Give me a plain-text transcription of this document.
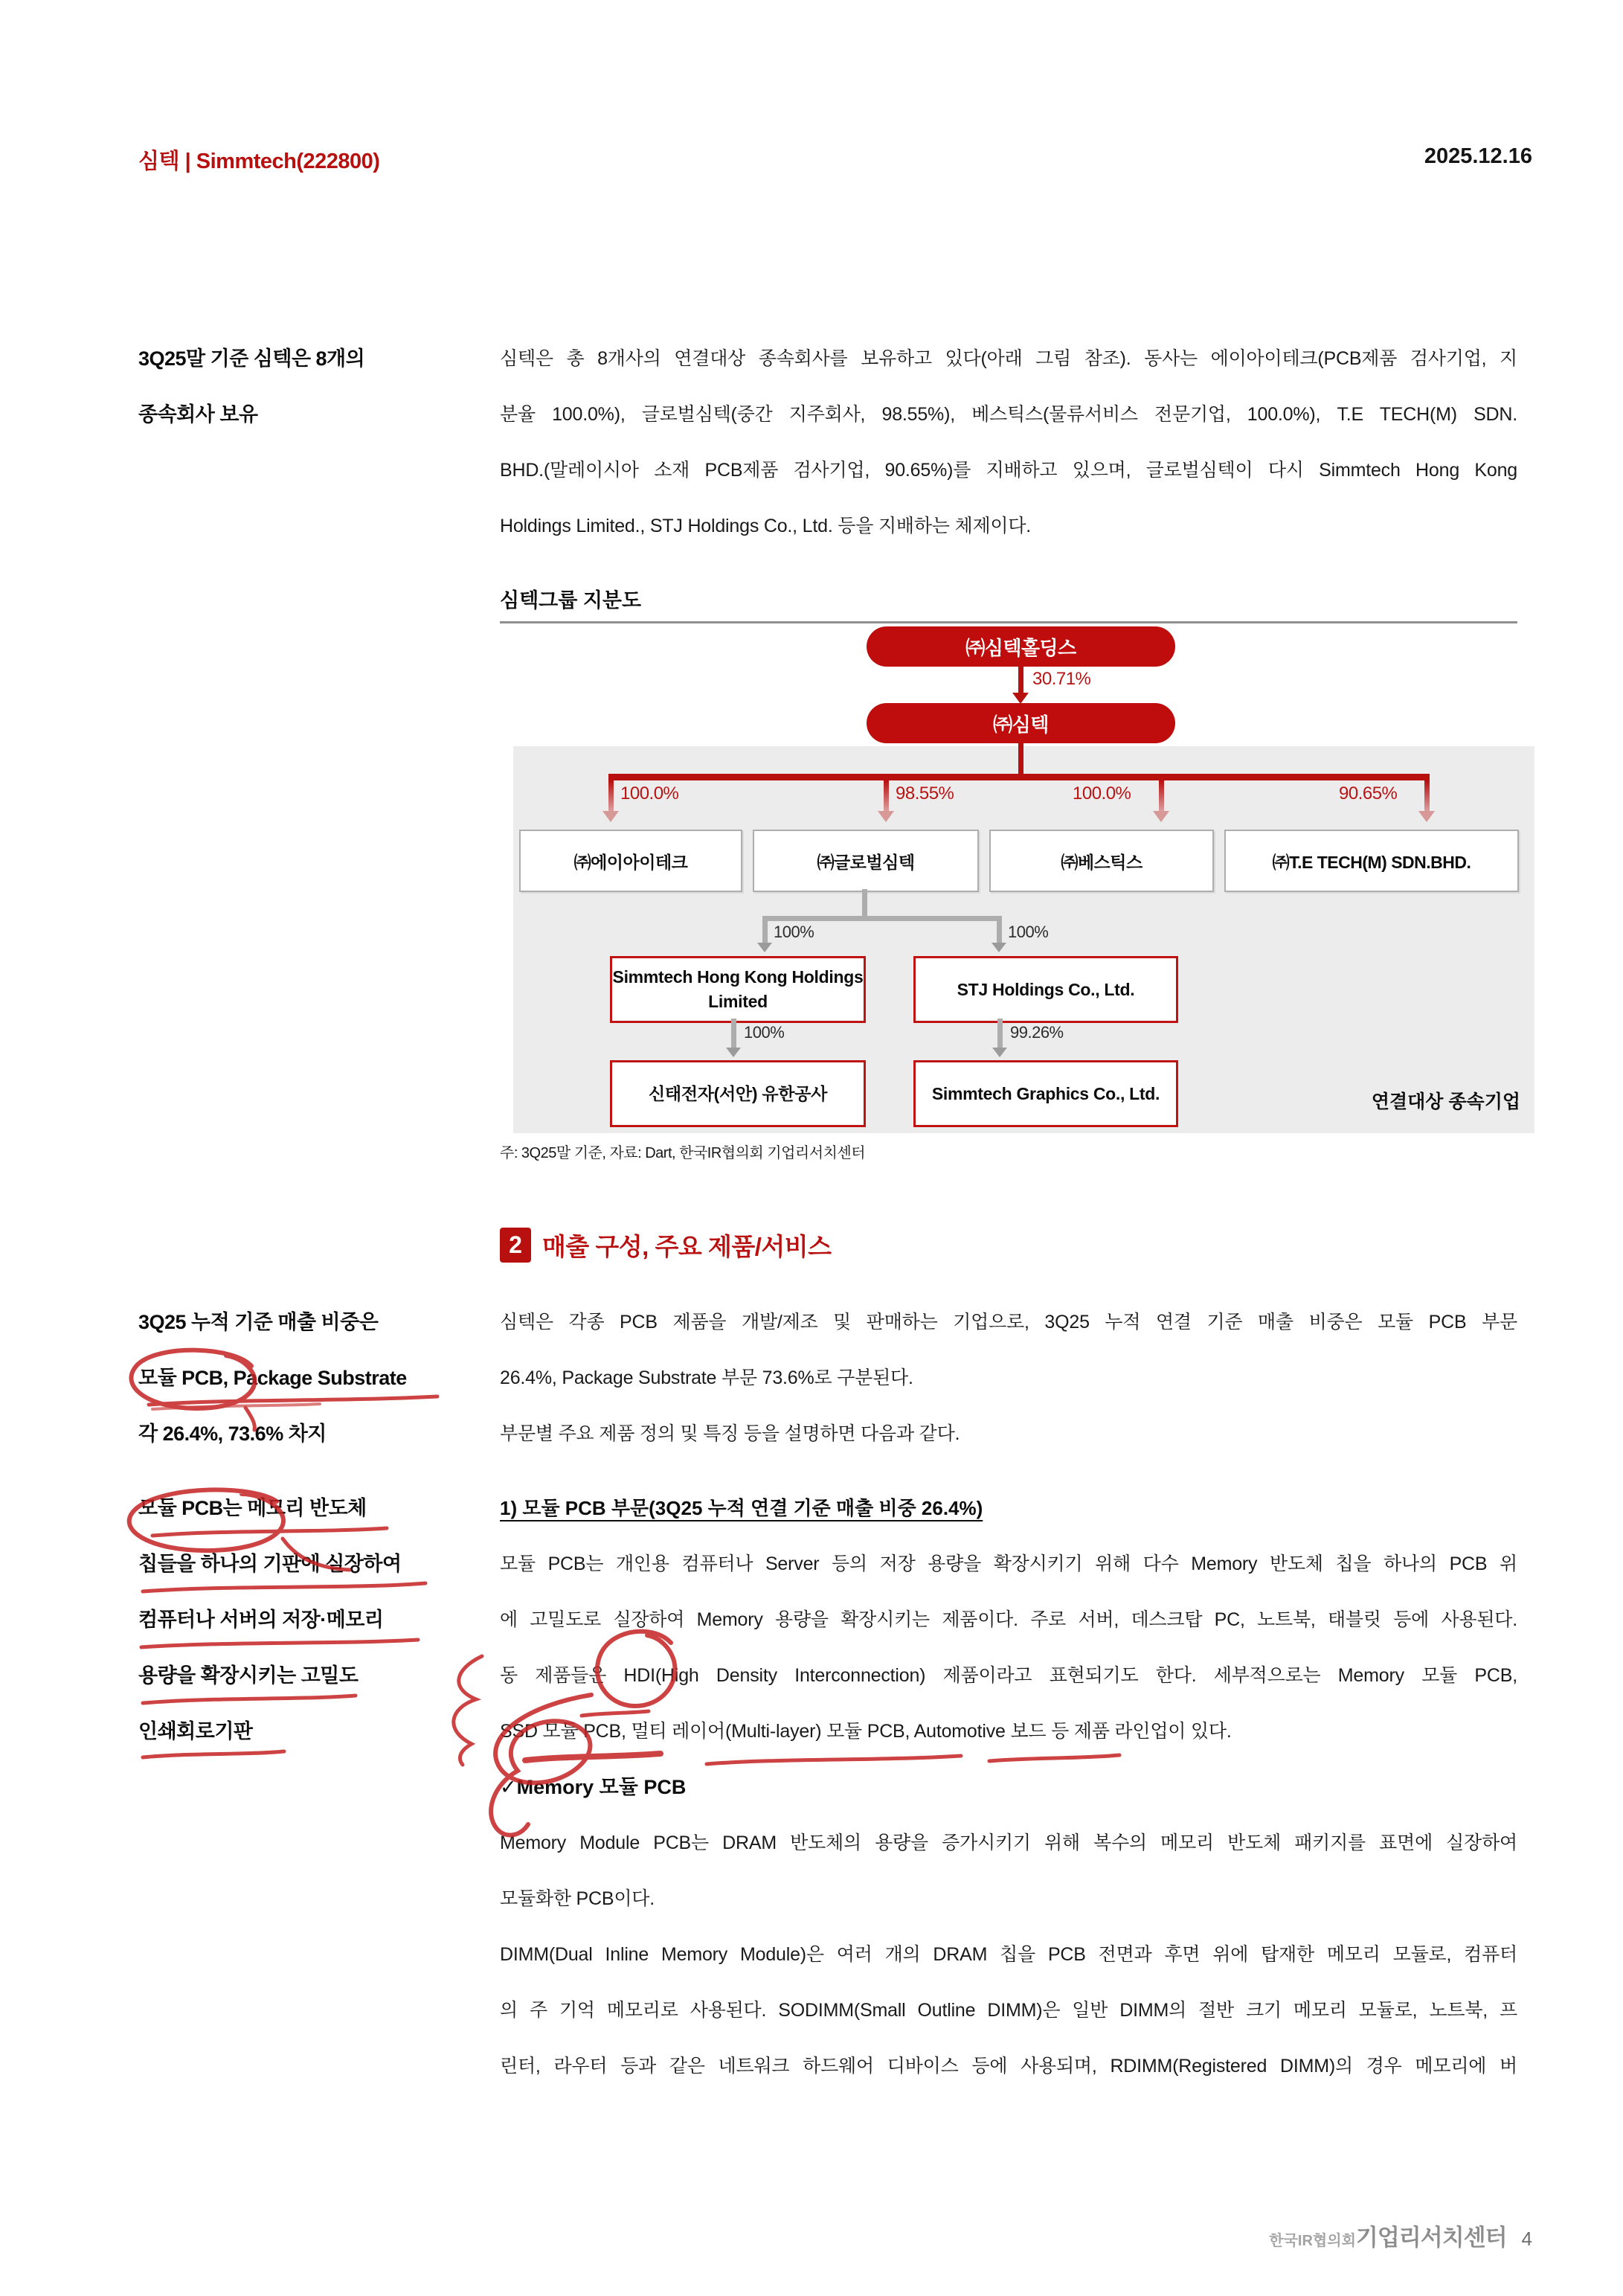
심텍 | Simmtech(222800)	2025.12.16
3Q25말 기준 심텍은 8개의
종속회사 보유
심텍은 총 8개사의 연결대상 종속회사를 보유하고 있다(아래 그림 참조). 동사는 에이아이테크(PCB제품 검사기업, 지
분율 100.0%), 글로벌심텍(중간 지주회사, 98.55%), 베스틱스(물류서비스 전문기업, 100.0%), T.E TECH(M) SDN.
BHD.(말레이시아 소재 PCB제품 검사기업, 90.65%)를 지배하고 있으며, 글로벌심텍이 다시 Simmtech Hong Kong
Holdings Limited., STJ Holdings Co., Ltd. 등을 지배하는 체제이다.
심텍그룹 지분도
㈜심텍홀딩스
30.71%
㈜심텍
100.0%	98.55%	100.0%	90.65%
㈜에이아이테크	㈜글로벌심텍	㈜베스틱스	㈜T.E TECH(M) SDN.BHD.
100%	100%
Simmtech Hong Kong Holdings Limited
STJ Holdings Co., Ltd.
100%	99.26%
신태전자(서안) 유한공사	Simmtech Graphics Co., Ltd.	연결대상 종속기업
주: 3Q25말 기준, 자료: Dart, 한국IR협의회 기업리서치센터
2 매출 구성, 주요 제품/서비스
3Q25 누적 기준 매출 비중은
모듈 PCB, Package Substrate
각 26.4%, 73.6% 차지
심텍은 각종 PCB 제품을 개발/제조 및 판매하는 기업으로, 3Q25 누적 연결 기준 매출 비중은 모듈 PCB 부문
26.4%, Package Substrate 부문 73.6%로 구분된다.
부문별 주요 제품 정의 및 특징 등을 설명하면 다음과 같다.
모듈 PCB는 메모리 반도체
칩들을 하나의 기판에 실장하여
컴퓨터나 서버의 저장·메모리
용량을 확장시키는 고밀도
인쇄회로기판
1) 모듈 PCB 부문(3Q25 누적 연결 기준 매출 비중 26.4%)
모듈 PCB는 개인용 컴퓨터나 Server 등의 저장 용량을 확장시키기 위해 다수 Memory 반도체 칩을 하나의 PCB 위
에 고밀도로 실장하여 Memory 용량을 확장시키는 제품이다. 주로 서버, 데스크탑 PC, 노트북, 태블릿 등에 사용된다.
동 제품들은 HDI(High Density Interconnection) 제품이라고 표현되기도 한다. 세부적으로는 Memory 모듈 PCB,
SSD 모듈 PCB, 멀티 레이어(Multi-layer) 모듈 PCB, Automotive 보드 등 제품 라인업이 있다.
✓Memory 모듈 PCB
Memory Module PCB는 DRAM 반도체의 용량을 증가시키기 위해 복수의 메모리 반도체 패키지를 표면에 실장하여
모듈화한 PCB이다.
DIMM(Dual Inline Memory Module)은 여러 개의 DRAM 칩을 PCB 전면과 후면 위에 탑재한 메모리 모듈로, 컴퓨터
의 주 기억 메모리로 사용된다. SODIMM(Small Outline DIMM)은 일반 DIMM의 절반 크기 메모리 모듈로, 노트북, 프
린터, 라우터 등과 같은 네트워크 하드웨어 디바이스 등에 사용되며, RDIMM(Registered DIMM)의 경우 메모리에 버
한국IR협의회 기업리서치센터 4
